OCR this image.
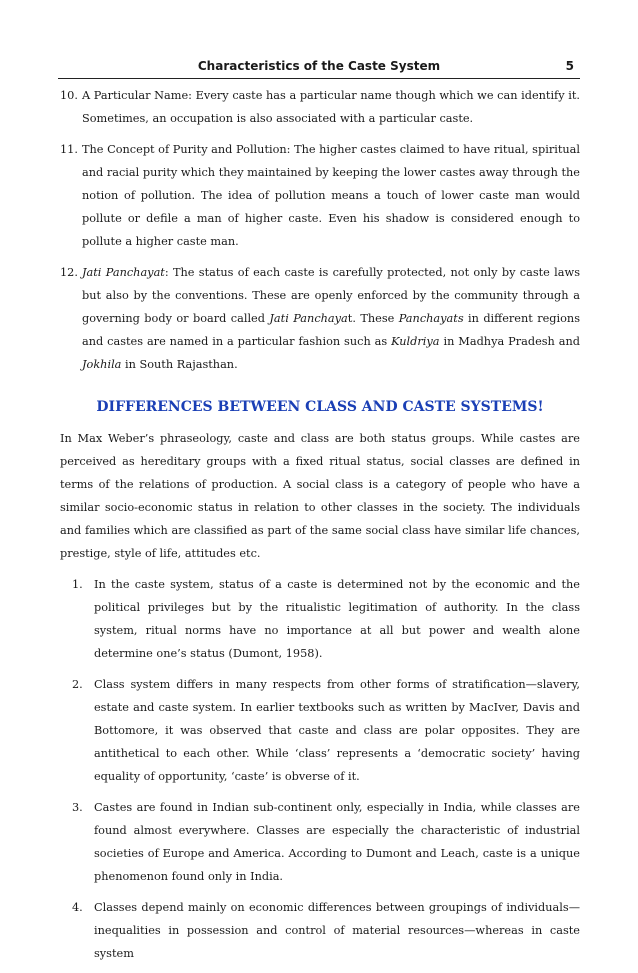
Characteristics of the Caste System	5
10. A Particular Name: Every caste has a particular name though which we can identify it. Sometimes, an occupation is also associated with a particular caste.
11. The Concept of Purity and Pollution: The higher castes claimed to have ritual, spiritual and racial purity which they maintained by keeping the lower castes away through the notion of pollution. The idea of pollution means a touch of lower caste man would pollute or defile a man of higher caste. Even his shadow is considered enough to pollute a higher caste man.
12. Jati Panchayat: The status of each caste is carefully protected, not only by caste laws but also by the conventions. These are openly enforced by the community through a governing body or board called Jati Panchayat. These Panchayats in different regions and castes are named in a particular fashion such as Kuldriya in Madhya Pradesh and Jokhila in South Rajasthan.
DIFFERENCES BETWEEN CLASS AND CASTE SYSTEMS!

In Max Weber’s phraseology, caste and class are both status groups. While castes are perceived as hereditary groups with a fixed ritual status, social classes are defined in terms of the relations of production. A social class is a category of people who have a similar socio-economic status in relation to other classes in the society. The individuals and families which are classified as part of the same social class have similar life chances, prestige, style of life, attitudes etc.

1. In the caste system, status of a caste is determined not by the economic and the political privileges but by the ritualistic legitimation of authority. In the class system, ritual norms have no importance at all but power and wealth alone determine one’s status (Dumont, 1958).
2. Class system differs in many respects from other forms of stratification—slavery, estate and caste system. In earlier textbooks such as written by MacIver, Davis and Bottomore, it was observed that caste and class are polar opposites. They are antithetical to each other. While ‘class’ represents a ‘democratic society’ having equality of opportunity, ‘caste’ is obverse of it.
3. Castes are found in Indian sub-continent only, especially in India, while classes are found almost everywhere. Classes are especially the characteristic of industrial societies of Europe and America. According to Dumont and Leach, caste is a unique phenomenon found only in India.
4. Classes depend mainly on economic differences between groupings of individuals—inequalities in possession and control of material resources—whereas in caste system
